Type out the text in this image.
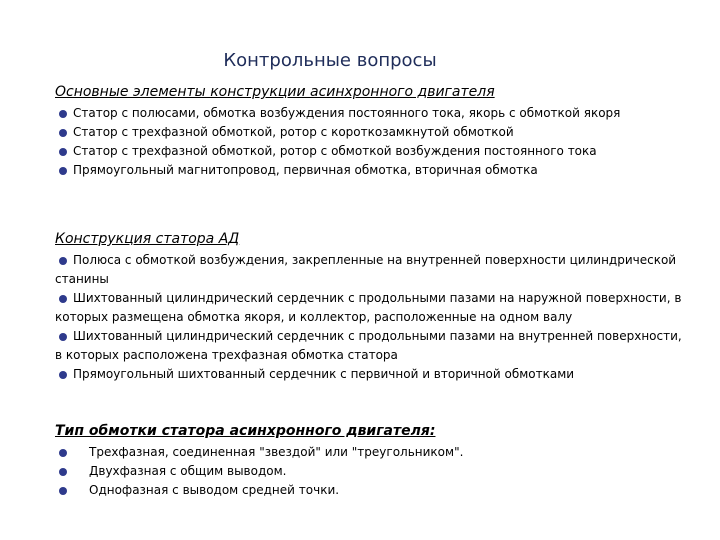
Контрольные вопросы
Основные элементы конструкции асинхронного двигателя
Статор с полюсами, обмотка возбуждения постоянного тока, якорь с обмоткой якоря
Статор с трехфазной обмоткой, ротор с короткозамкнутой обмоткой
Статор с трехфазной обмоткой, ротор с обмоткой возбуждения постоянного тока
Прямоугольный магнитопровод, первичная обмотка, вторичная обмотка
Конструкция статора АД
Полюса с обмоткой возбуждения, закрепленные на внутренней поверхности цилиндрической станины
Шихтованный цилиндрический сердечник с продольными пазами на наружной поверхности, в которых размещена обмотка якоря, и коллектор, расположенные на одном валу
Шихтованный цилиндрический сердечник с продольными пазами на внутренней поверхности, в которых расположена трехфазная обмотка статора
Прямоугольный шихтованный сердечник с первичной и вторичной обмотками
Тип обмотки статора асинхронного двигателя:
Трехфазная, соединенная "звездой" или "треугольником".
Двухфазная с общим выводом.
Однофазная с выводом средней точки.
